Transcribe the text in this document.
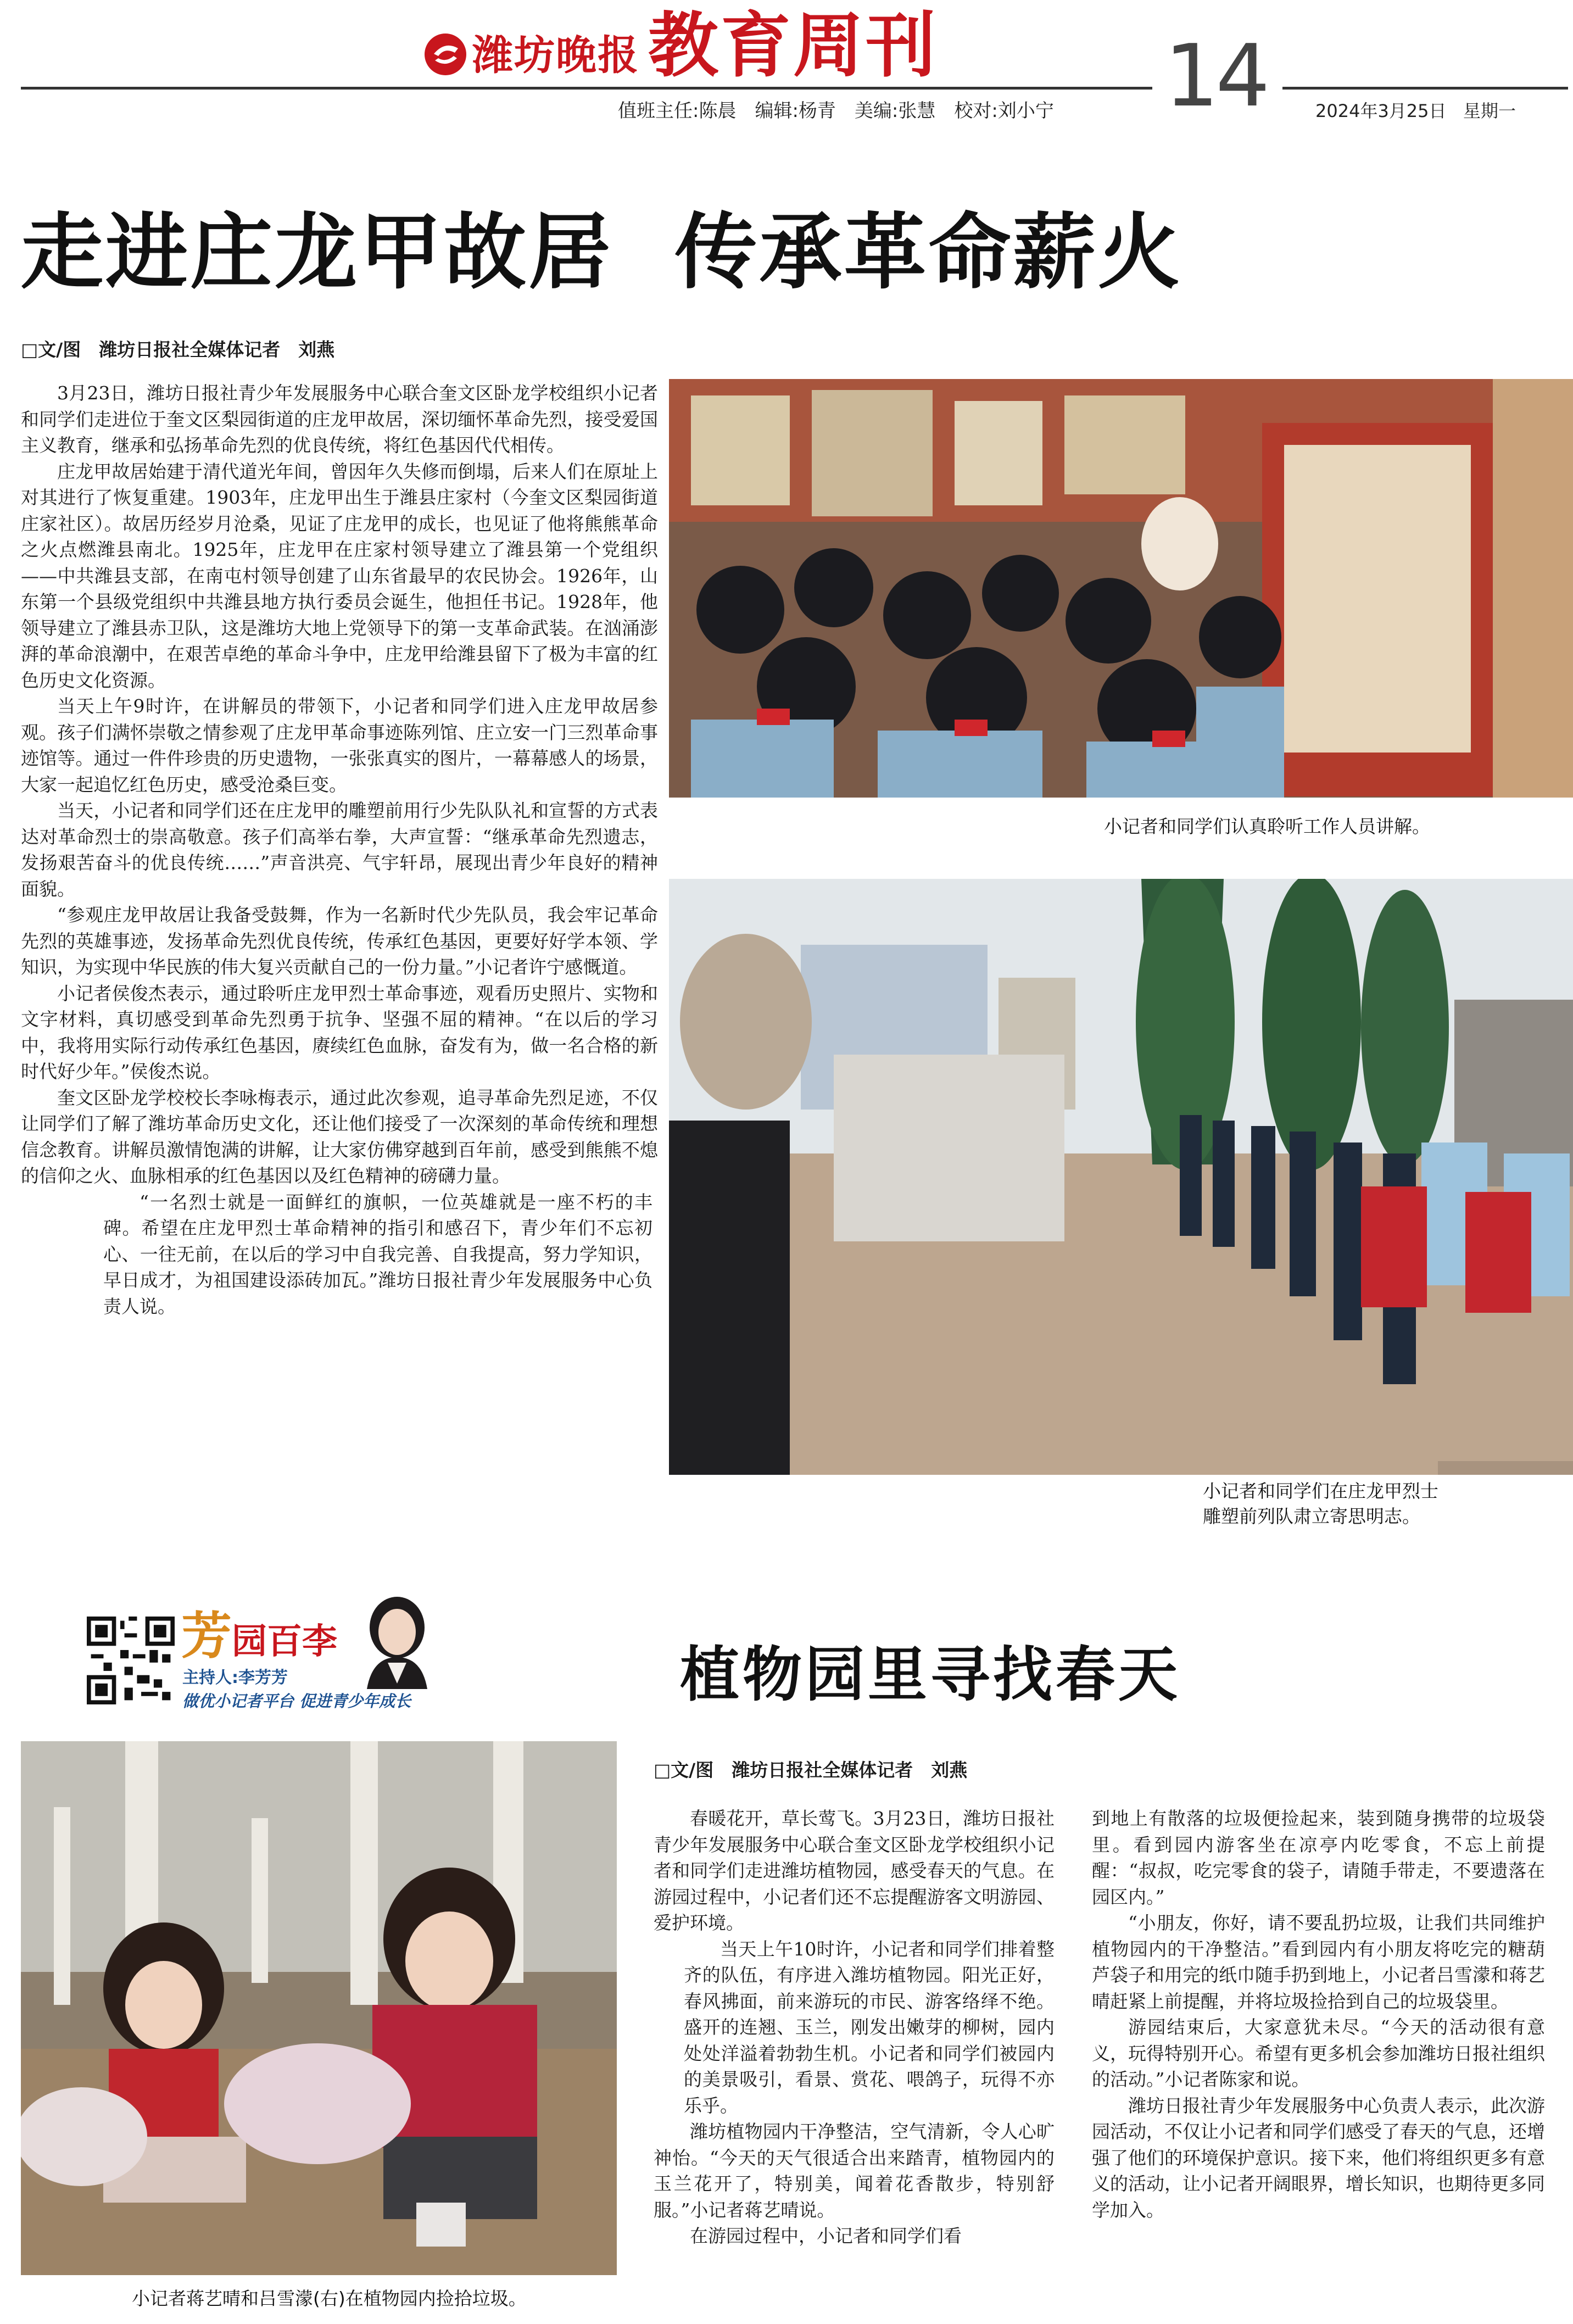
潍坊晚报 教育周刊	14
值班主任:陈晨　编辑:杨青　美编:张慧　校对:刘小宁	2024年3月25日 星期一
走进庄龙甲故居  传承革命薪火
□文/图　潍坊日报社全媒体记者　刘燕

3月23日，潍坊日报社青少年发展服务中心联合奎文区卧龙学校组织小记者和同学们走进位于奎文区梨园街道的庄龙甲故居，深切缅怀革命先烈，接受爱国主义教育，继承和弘扬革命先烈的优良传统，将红色基因代代相传。

庄龙甲故居始建于清代道光年间，曾因年久失修而倒塌，后来人们在原址上对其进行了恢复重建。1903年，庄龙甲出生于潍县庄家村（今奎文区梨园街道庄家社区）。故居历经岁月沧桑，见证了庄龙甲的成长，也见证了他将熊熊革命之火点燃潍县南北。1925年，庄龙甲在庄家村领导建立了潍县第一个党组织——中共潍县支部，在南屯村领导创建了山东省最早的农民协会。1926年，山东第一个县级党组织中共潍县地方执行委员会诞生，他担任书记。1928年，他领导建立了潍县赤卫队，这是潍坊大地上党领导下的第一支革命武装。在汹涌澎湃的革命浪潮中，在艰苦卓绝的革命斗争中，庄龙甲给潍县留下了极为丰富的红色历史文化资源。

当天上午9时许，在讲解员的带领下，小记者和同学们进入庄龙甲故居参观。孩子们满怀崇敬之情参观了庄龙甲革命事迹陈列馆、庄立安一门三烈革命事迹馆等。通过一件件珍贵的历史遗物，一张张真实的图片，一幕幕感人的场景，大家一起追忆红色历史，感受沧桑巨变。

当天，小记者和同学们还在庄龙甲的雕塑前用行少先队队礼和宣誓的方式表达对革命烈士的崇高敬意。孩子们高举右拳，大声宣誓：“继承革命先烈遗志，发扬艰苦奋斗的优良传统……”声音洪亮、气宇轩昂，展现出青少年良好的精神面貌。

“参观庄龙甲故居让我备受鼓舞，作为一名新时代少先队员，我会牢记革命先烈的英雄事迹，发扬革命先烈优良传统，传承红色基因，更要好好学本领、学知识，为实现中华民族的伟大复兴贡献自己的一份力量。”小记者许宁感慨道。

小记者侯俊杰表示，通过聆听庄龙甲烈士革命事迹，观看历史照片、实物和文字材料，真切感受到革命先烈勇于抗争、坚强不屈的精神。“在以后的学习中，我将用实际行动传承红色基因，赓续红色血脉，奋发有为，做一名合格的新时代好少年。”侯俊杰说。

奎文区卧龙学校校长李咏梅表示，通过此次参观，追寻革命先烈足迹，不仅让同学们了解了潍坊革命历史文化，还让他们接受了一次深刻的革命传统和理想信念教育。讲解员激情饱满的讲解，让大家仿佛穿越到百年前，感受到熊熊不熄的信仰之火、血脉相承的红色基因以及红色精神的磅礴力量。

“一名烈士就是一面鲜红的旗帜，一位英雄就是一座不朽的丰碑。希望在庄龙甲烈士革命精神的指引和感召下，青少年们不忘初心、一往无前，在以后的学习中自我完善、自我提高，努力学知识，早日成才，为祖国建设添砖加瓦。”潍坊日报社青少年发展服务中心负责人说。

小记者和同学们认真聆听工作人员讲解。
小记者和同学们在庄龙甲烈士
雕塑前列队肃立寄思明志。
芳园百李
主持人:李芳芳
做优小记者平台 促进青少年成长	植物园里寻找春天
□文/图　潍坊日报社全媒体记者　刘燕
小记者蒋艺晴和吕雪濛(右)在植物园内捡拾垃圾。

春暖花开，草长莺飞。3月23日，潍坊日报社青少年发展服务中心联合奎文区卧龙学校组织小记者和同学们走进潍坊植物园，感受春天的气息。在游园过程中，小记者们还不忘提醒游客文明游园、爱护环境。

当天上午10时许，小记者和同学们排着整齐的队伍，有序进入潍坊植物园。阳光正好，春风拂面，前来游玩的市民、游客络绎不绝。盛开的连翘、玉兰，刚发出嫩芽的柳树，园内处处洋溢着勃勃生机。小记者和同学们被园内的美景吸引，看景、赏花、喂鸽子，玩得不亦乐乎。

潍坊植物园内干净整洁，空气清新，令人心旷神怡。“今天的天气很适合出来踏青，植物园内的玉兰花开了，特别美，闻着花香散步，特别舒服。”小记者蒋艺晴说。

在游园过程中，小记者和同学们看

到地上有散落的垃圾便捡起来，装到随身携带的垃圾袋里。看到园内游客坐在凉亭内吃零食，不忘上前提醒：“叔叔，吃完零食的袋子，请随手带走，不要遗落在园区内。”

“小朋友，你好，请不要乱扔垃圾，让我们共同维护植物园内的干净整洁。”看到园内有小朋友将吃完的糖葫芦袋子和用完的纸巾随手扔到地上，小记者吕雪濛和蒋艺晴赶紧上前提醒，并将垃圾捡拾到自己的垃圾袋里。

游园结束后，大家意犹未尽。“今天的活动很有意义，玩得特别开心。希望有更多机会参加潍坊日报社组织的活动。”小记者陈家和说。

潍坊日报社青少年发展服务中心负责人表示，此次游园活动，不仅让小记者和同学们感受了春天的气息，还增强了他们的环境保护意识。接下来，他们将组织更多有意义的活动，让小记者开阔眼界，增长知识，也期待更多同学加入。
